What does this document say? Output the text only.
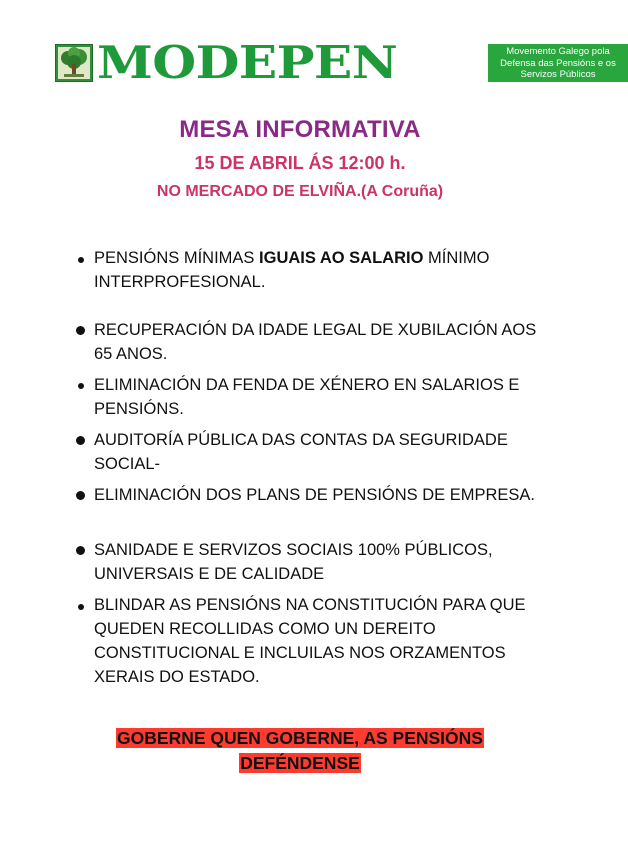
MODEPEN	Movemento Galego pola
Defensa das Pensións e os
Servizos Públicos
MESA INFORMATIVA
15 DE ABRIL ÁS 12:00 h.
NO MERCADO DE ELVIÑA.(A Coruña)
PENSIÓNS MÍNIMAS IGUAIS AO SALARIO MÍNIMO INTERPROFESIONAL.
RECUPERACIÓN DA IDADE LEGAL DE XUBILACIÓN AOS 65 ANOS.
ELIMINACIÓN DA FENDA DE XÉNERO EN SALARIOS E PENSIÓNS.
AUDITORÍA PÚBLICA DAS CONTAS DA SEGURIDADE SOCIAL-
ELIMINACIÓN DOS PLANS DE PENSIÓNS DE EMPRESA.
SANIDADE E SERVIZOS SOCIAIS 100% PÚBLICOS, UNIVERSAIS E DE CALIDADE
BLINDAR AS PENSIÓNS NA CONSTITUCIÓN PARA QUE QUEDEN RECOLLIDAS COMO UN DEREITO CONSTITUCIONAL E INCLUILAS NOS ORZAMENTOS XERAIS DO ESTADO.
GOBERNE QUEN GOBERNE, AS PENSIÓNS
DEFÉNDENSE
